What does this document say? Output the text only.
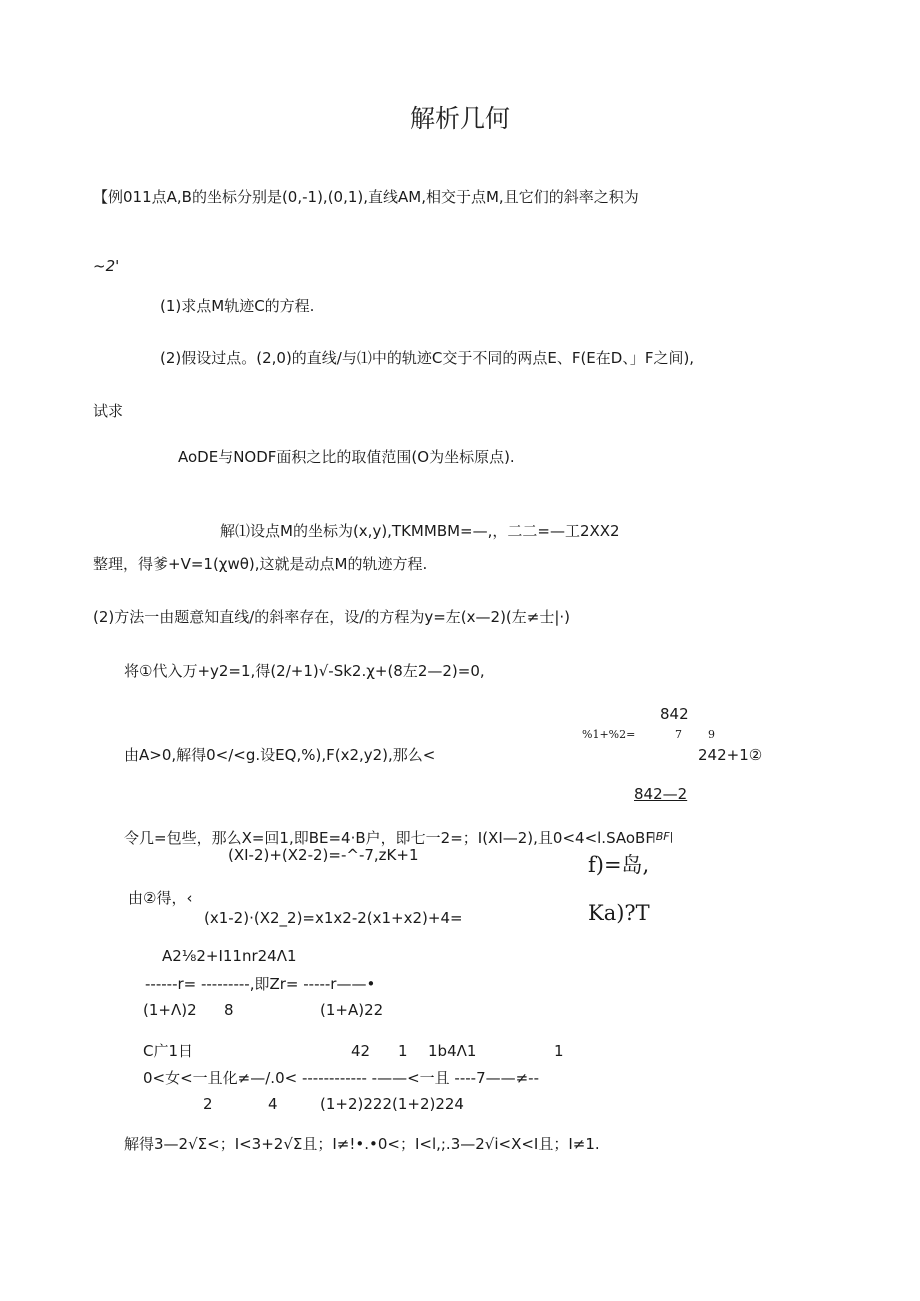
解析几何
【例011点A,B的坐标分别是(0,-1),(0,1),直线AM,相交于点M,且它们的斜率之积为
~2'
(1)求点M轨迹C的方程.
(2)假设过点。(2,0)的直线/与⑴中的轨迹C交于不同的两点E、F(E在D、」F之间),
试求
AoDE与NODF面积之比的取值范围(O为坐标原点).
解⑴设点M的坐标为(x,y),TKMMBM=—,，二二=—工2XX2
整理，得爹+V=1(χwθ),这就是动点M的轨迹方程.
(2)方法一由题意知直线/的斜率存在，设/的方程为y=左(x—2)(左≠士|·)
将①代入万+y2=1,得(2/+1)√-Sk2.χ+(8左2—2)=0,
842
%1+%2=	7 9
由A>0,解得0</<g.设EQ,%),F(x2,y2),那么<	242+1②
842—2
令几=包些，那么X=回1,即BE=4·B户，即七一2=；I(XI—2),且0<4<l.SAoBF
|BF|
(XI-2)+(X2-2)=-^-7,zK+1	f)=岛,
由②得，‹
(x1-2)·(X2_2)=x1x2-2(x1+x2)+4=	Ka)?T
A2⅛2+I11nr24Λ1
------r= ---------,即Zr= -----r——•
(1+Λ)2 8	(1+A)22
C广1日	42 1 1b4Λ1	1
0<女<一且化≠—/.0< ------------ -——<一且 ----7——≠--
2	4	(1+2)222(1+2)224
解得3—2√Σ<；I<3+2√Σ且；I≠!•.•0<；I<l,;.3—2√i<X<I且；I≠1.
